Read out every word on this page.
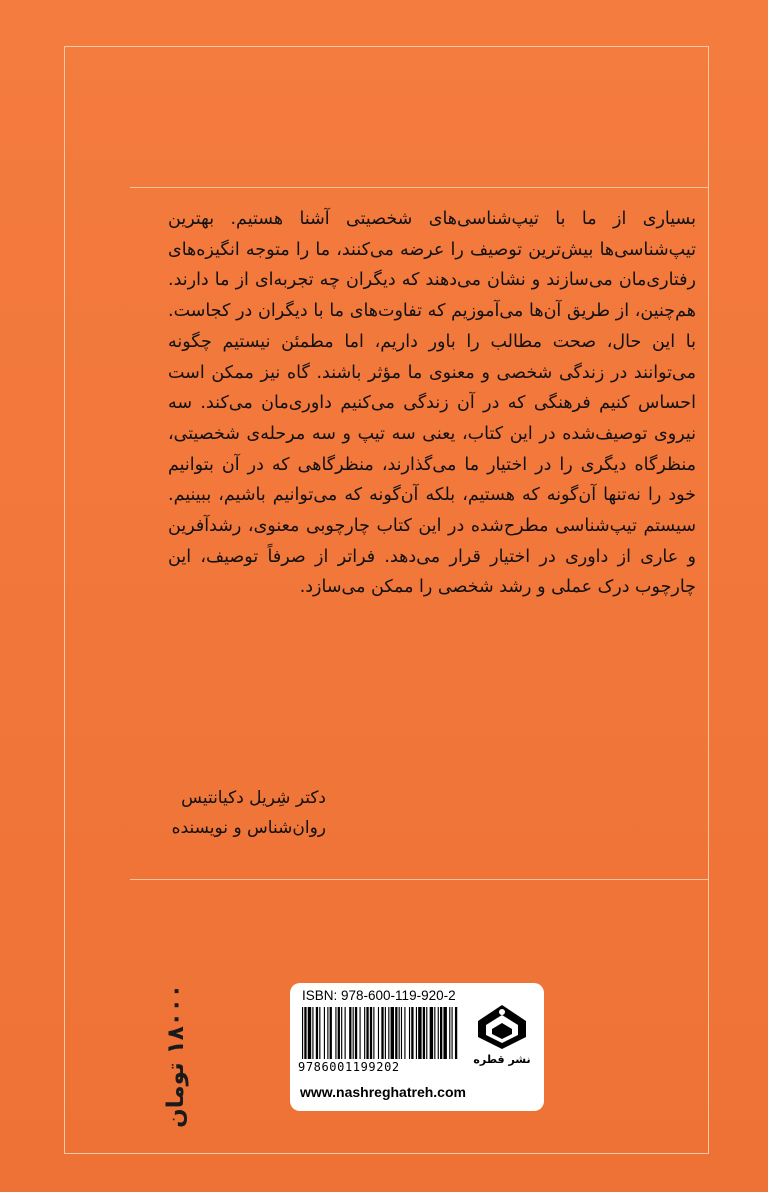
بسیاری از ما با تیپ‌شناسی‌های شخصیتی آشنا هستیم. بهترین تیپ‌شناسی‌ها بیش‌ترین توصیف را عرضه می‌کنند، ما را متوجه انگیزه‌های رفتاری‌مان می‌سازند و نشان می‌دهند که دیگران چه تجربه‌ای از ما دارند. هم‌چنین، از طریق آن‌ها می‌آموزیم که تفاوت‌های ما با دیگران در کجاست. با این حال، صحت مطالب را باور داریم، اما مطمئن نیستیم چگونه می‌توانند در زندگی شخصی و معنوی ما مؤثر باشند. گاه نیز ممکن است احساس کنیم فرهنگی که در آن زندگی می‌کنیم داوری‌مان می‌کند. سه نیروی توصیف‌شده در این کتاب، یعنی سه تیپ و سه مرحله‌ی شخصیتی، منظرگاه دیگری را در اختیار ما می‌گذارند، منظرگاهی که در آن بتوانیم خود را نه‌تنها آن‌گونه که هستیم، بلکه آن‌گونه که می‌توانیم باشیم، ببینیم. سیستم تیپ‌شناسی مطرح‌شده در این کتاب چارچوبی معنوی، رشدآفرین و عاری از داوری در اختیار قرار می‌دهد. فراتر از صرفاً توصیف، این چارچوب درک عملی و رشد شخصی را ممکن می‌سازد.

دکتر شِریل دکیانتیس
روان‌شناس و نویسنده
۱۸۰۰۰ تومان	ISBN: 978-600-119-920-2
9786001199202
www.nashreghatreh.com
نشر قطره
